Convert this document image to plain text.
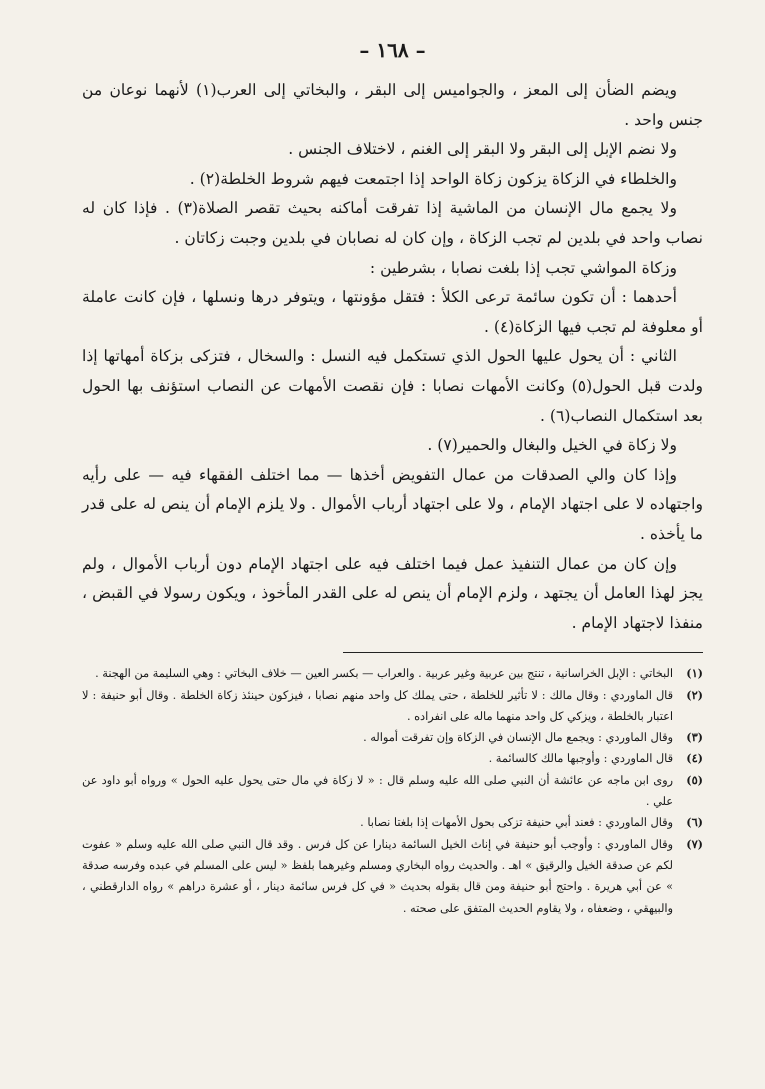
– ١٦٨ –

ويضم الضأن إلى المعز ، والجواميس إلى البقر ، والبخاتي إلى العرب(١) لأنهما نوعان من جنس واحد .

ولا نضم الإبل إلى البقر ولا البقر إلى الغنم ، لاختلاف الجنس .

والخلطاء في الزكاة يزكون زكاة الواحد إذا اجتمعت فيهم شروط الخلطة(٢) .

ولا يجمع مال الإنسان من الماشية إذا تفرقت أماكنه بحيث تقصر الصلاة(٣) . فإذا كان له نصاب واحد في بلدين لم تجب الزكاة ، وإن كان له نصابان في بلدين وجبت زكاتان .

وزكاة المواشي تجب إذا بلغت نصابا ، بشرطين :

أحدهما : أن تكون سائمة ترعى الكلأ : فتقل مؤونتها ، ويتوفر درها ونسلها ، فإن كانت عاملة أو معلوفة لم تجب فيها الزكاة(٤) .

الثاني : أن يحول عليها الحول الذي تستكمل فيه النسل : والسخال ، فتزكى بزكاة أمهاتها إذا ولدت قبل الحول(٥) وكانت الأمهات نصابا : فإن نقصت الأمهات عن النصاب استؤنف بها الحول بعد استكمال النصاب(٦) .

ولا زكاة في الخيل والبغال والحمير(٧) .

وإذا كان والي الصدقات من عمال التفويض أخذها — مما اختلف الفقهاء فيه — على رأيه واجتهاده لا على اجتهاد الإمام ، ولا على اجتهاد أرباب الأموال . ولا يلزم الإمام أن ينص له على قدر ما يأخذه .

وإن كان من عمال التنفيذ عمل فيما اختلف فيه على اجتهاد الإمام دون أرباب الأموال ، ولم يجز لهذا العامل أن يجتهد ، ولزم الإمام أن ينص له على القدر المأخوذ ، ويكون رسولا في القبض ، منفذا لاجتهاد الإمام .

(١)
البخاتي : الإبل الخراسانية ، تنتج بين عربية وغير عربية . والعراب — بكسر العين — خلاف البخاتي : وهي السليمة من الهجنة .
(٢)
قال الماوردي : وقال مالك : لا تأثير للخلطة ، حتى يملك كل واحد منهم نصابا ، فيزكون حينئذ زكاة الخلطة . وقال أبو حنيفة : لا اعتبار بالخلطة ، ويزكي كل واحد منهما ماله على انفراده .
(٣)
وقال الماوردي : ويجمع مال الإنسان في الزكاة وإن تفرقت أمواله .
(٤)
قال الماوردي : وأوجبها مالك كالسائمة .
(٥)
روى ابن ماجه عن عائشة أن النبي صلى الله عليه وسلم قال : « لا زكاة في مال حتى يحول عليه الحول » ورواه أبو داود عن علي .
(٦)
وقال الماوردي : فعند أبي حنيفة تزكى بحول الأمهات إذا بلغتا نصابا .
(٧)
وقال الماوردي : وأوجب أبو حنيفة في إناث الخيل السائمة دينارا عن كل فرس . وقد قال النبي صلى الله عليه وسلم « عفوت لكم عن صدقة الخيل والرقيق » اهـ . والحديث رواه البخاري ومسلم وغيرهما بلفظ « ليس على المسلم في عبده وفرسه صدقة » عن أبي هريرة . واحتج أبو حنيفة ومن قال بقوله بحديث « في كل فرس سائمة دينار ، أو عشرة دراهم » رواه الدارقطني ، والبيهقي ، وضعفاه ، ولا يقاوم الحديث المتفق على صحته .
